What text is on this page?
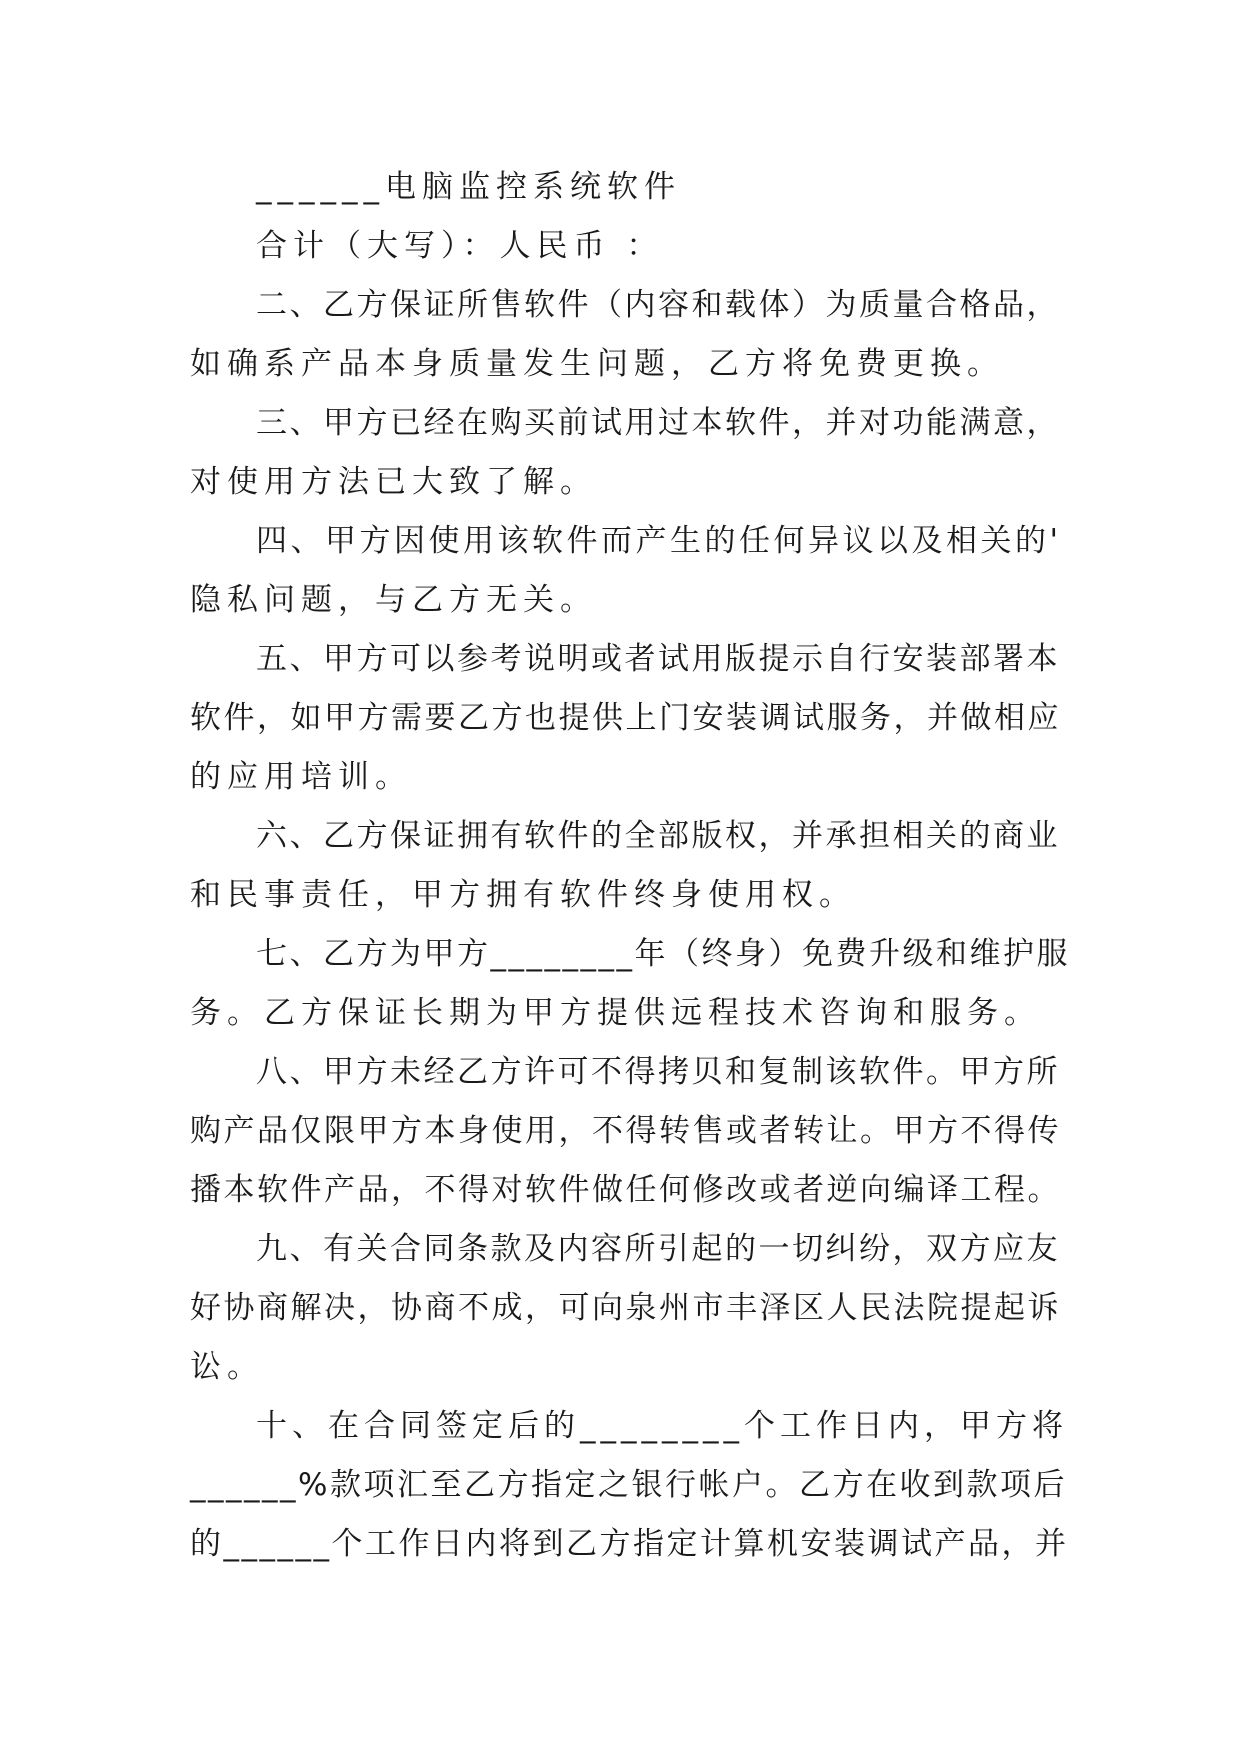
______电脑监控系统软件
合计（大写）：人民币 ：
二、乙方保证所售软件（内容和载体）为质量合格品，
如确系产品本身质量发生问题，乙方将免费更换。
三、甲方已经在购买前试用过本软件，并对功能满意，
对使用方法已大致了解。
四、甲方因使用该软件而产生的任何异议以及相关的'
隐私问题，与乙方无关。
五、甲方可以参考说明或者试用版提示自行安装部署本
软件，如甲方需要乙方也提供上门安装调试服务，并做相应
的应用培训。
六、乙方保证拥有软件的全部版权，并承担相关的商业
和民事责任，甲方拥有软件终身使用权。
七、乙方为甲方________年（终身）免费升级和维护服
务。乙方保证长期为甲方提供远程技术咨询和服务。
八、甲方未经乙方许可不得拷贝和复制该软件。甲方所
购产品仅限甲方本身使用，不得转售或者转让。甲方不得传
播本软件产品，不得对软件做任何修改或者逆向编译工程。
九、有关合同条款及内容所引起的一切纠纷，双方应友
好协商解决，协商不成，可向泉州市丰泽区人民法院提起诉
讼。
十、在合同签定后的________个工作日内，甲方将
______%款项汇至乙方指定之银行帐户。乙方在收到款项后
的______个工作日内将到乙方指定计算机安装调试产品，并
